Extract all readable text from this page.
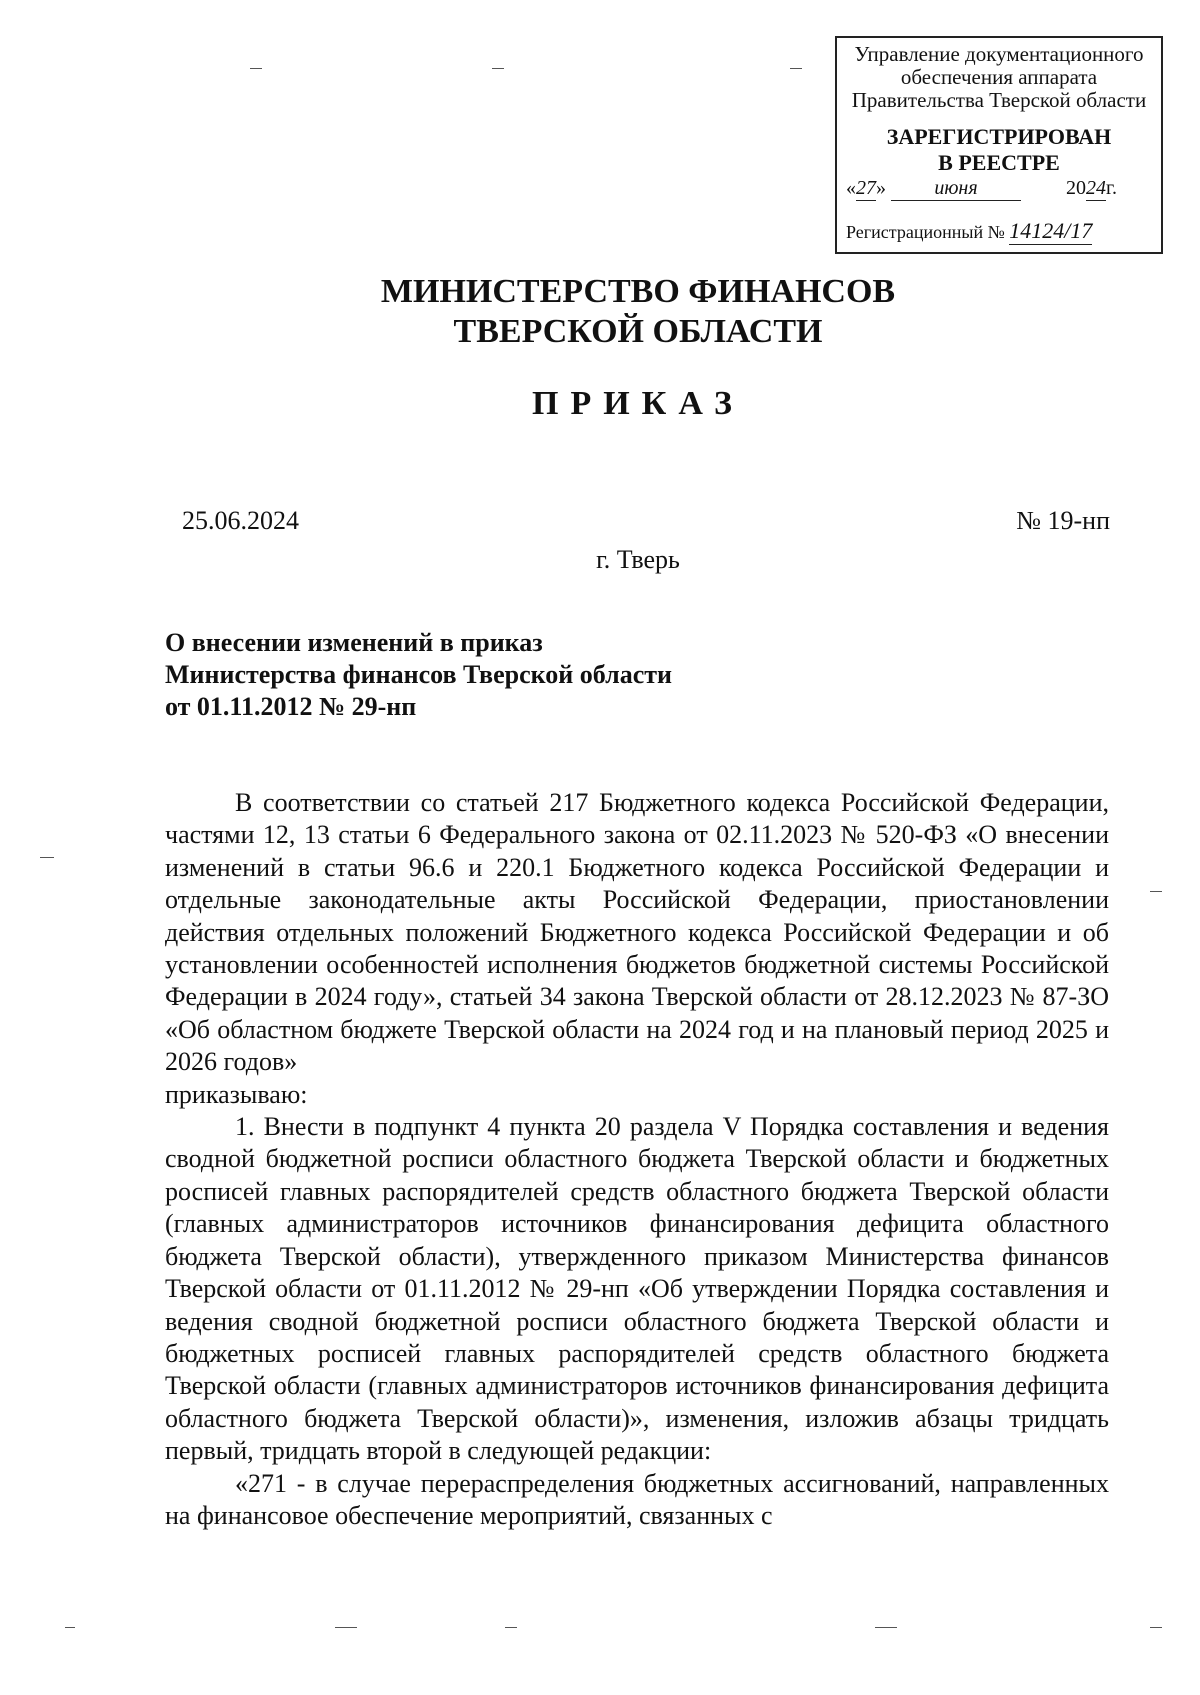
Управление документационного
обеспечения аппарата
Правительства Тверской области
ЗАРЕГИСТРИРОВАН
В РЕЕСТРЕ
«27» июня	2024г.
Регистрационный № 14124/17
МИНИСТЕРСТВО ФИНАНСОВ
ТВЕРСКОЙ ОБЛАСТИ
ПРИКАЗ
25.06.2024	№ 19-нп
г. Тверь
О внесении изменений в приказ
Министерства финансов Тверской области
от 01.11.2012 № 29-нп

В соответствии со статьей 217 Бюджетного кодекса Российской Федерации, частями 12, 13 статьи 6 Федерального закона от 02.11.2023 № 520-ФЗ «О внесении изменений в статьи 96.6 и 220.1 Бюджетного кодекса Российской Федерации и отдельные законодательные акты Российской Федерации, приостановлении действия отдельных положений Бюджетного кодекса Российской Федерации и об установлении особенностей исполнения бюджетов бюджетной системы Российской Федерации в 2024 году», статьей 34 закона Тверской области от 28.12.2023 № 87-ЗО «Об областном бюджете Тверской области на 2024 год и на плановый период 2025 и 2026 годов»

приказываю:

1. Внести в подпункт 4 пункта 20 раздела V Порядка составления и ведения сводной бюджетной росписи областного бюджета Тверской области и бюджетных росписей главных распорядителей средств областного бюджета Тверской области (главных администраторов источников финансирования дефицита областного бюджета Тверской области), утвержденного приказом Министерства финансов Тверской области от 01.11.2012 № 29-нп «Об утверждении Порядка составления и ведения сводной бюджетной росписи областного бюджета Тверской области и бюджетных росписей главных распорядителей средств областного бюджета Тверской области (главных администраторов источников финансирования дефицита областного бюджета Тверской области)», изменения, изложив абзацы тридцать первый, тридцать второй в следующей редакции:

«271 - в случае перераспределения бюджетных ассигнований, направленных на финансовое обеспечение мероприятий, связанных с
